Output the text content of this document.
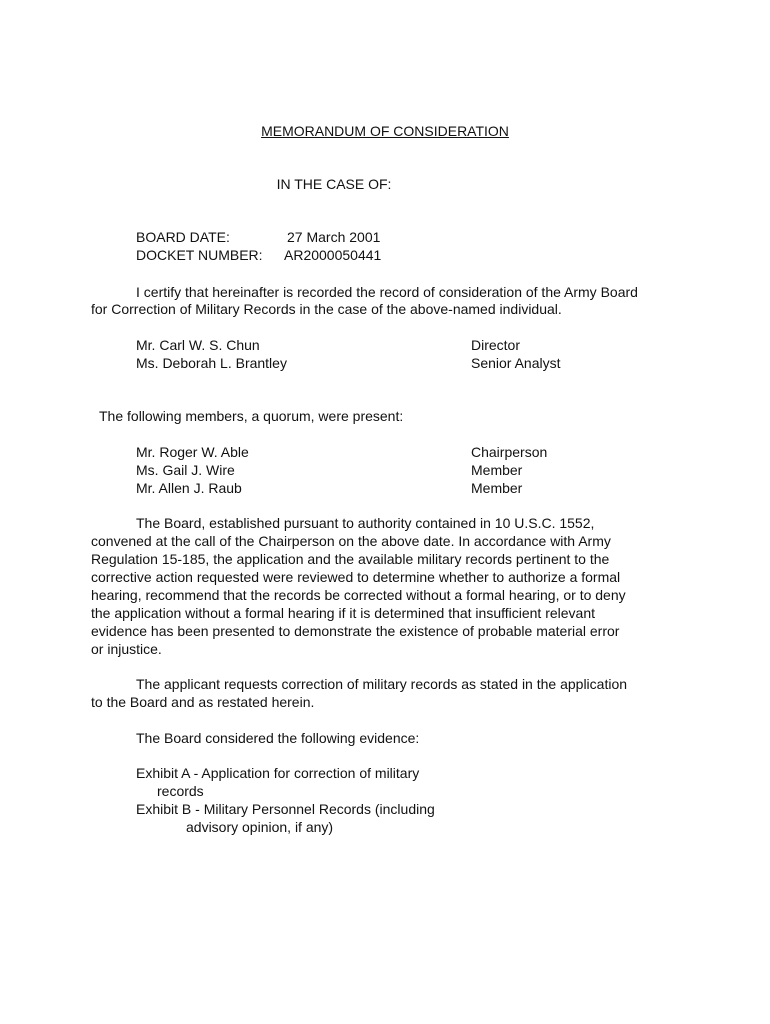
MEMORANDUM OF CONSIDERATION
IN THE CASE OF:
BOARD DATE:	27 March 2001
DOCKET NUMBER: AR2000050441
I certify that hereinafter is recorded the record of consideration of the Army Board
for Correction of Military Records in the case of the above-named individual.
Mr. Carl W. S. Chun	Director
Ms. Deborah L. Brantley	Senior Analyst
The following members, a quorum, were present:
Mr. Roger W. Able	Chairperson
Ms. Gail J. Wire	Member
Mr. Allen J. Raub	Member
The Board, established pursuant to authority contained in 10 U.S.C. 1552,
convened at the call of the Chairperson on the above date. In accordance with Army
Regulation 15-185, the application and the available military records pertinent to the
corrective action requested were reviewed to determine whether to authorize a formal
hearing, recommend that the records be corrected without a formal hearing, or to deny
the application without a formal hearing if it is determined that insufficient relevant
evidence has been presented to demonstrate the existence of probable material error
or injustice.
The applicant requests correction of military records as stated in the application
to the Board and as restated herein.
The Board considered the following evidence:
Exhibit A - Application for correction of military
records
Exhibit B - Military Personnel Records (including
advisory opinion, if any)
